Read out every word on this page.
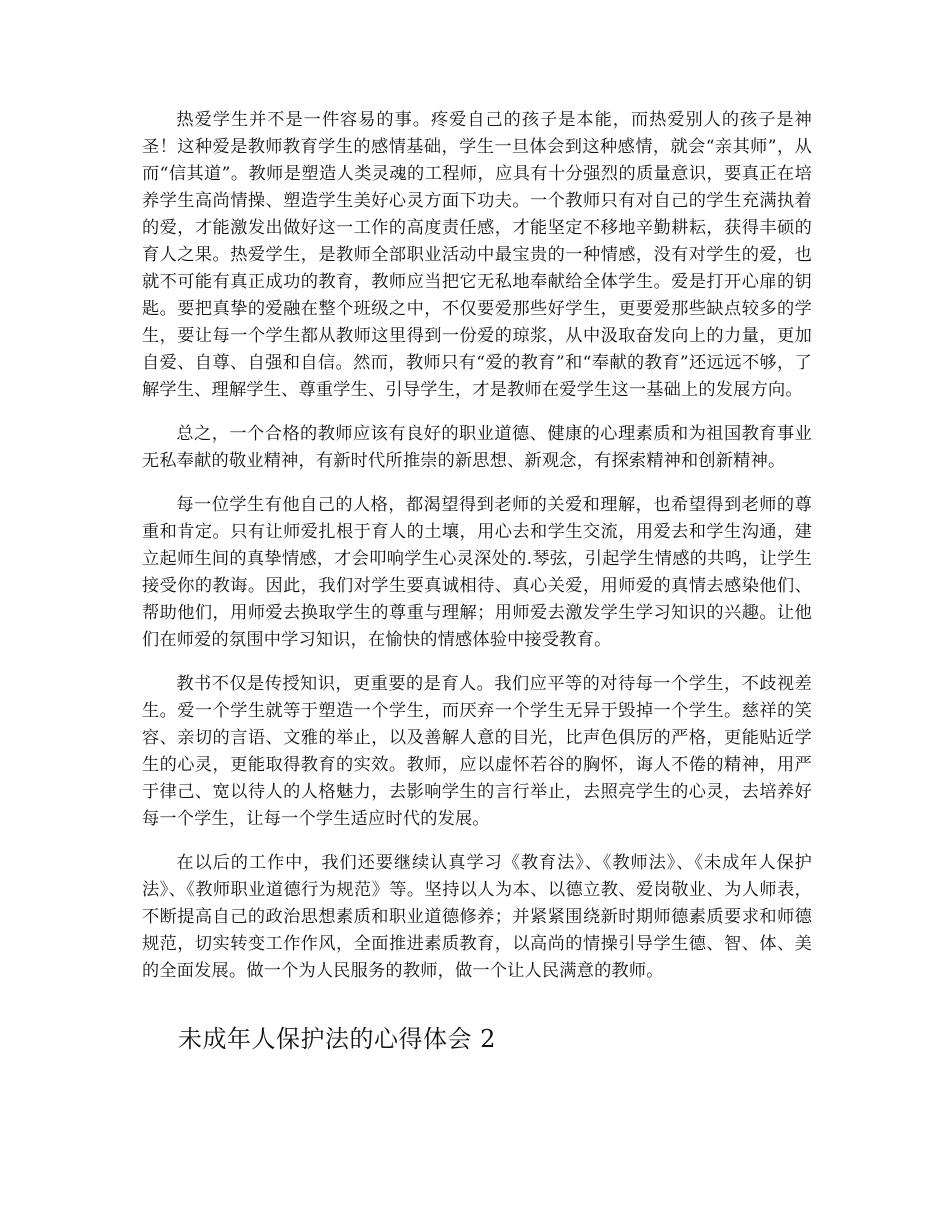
热爱学生并不是一件容易的事。疼爱自己的孩子是本能，而热爱别人的孩子是神圣！这种爱是教师教育学生的感情基础，学生一旦体会到这种感情，就会“亲其师”，从而“信其道”。教师是塑造人类灵魂的工程师，应具有十分强烈的质量意识，要真正在培养学生高尚情操、塑造学生美好心灵方面下功夫。一个教师只有对自己的学生充满执着的爱，才能激发出做好这一工作的高度责任感，才能坚定不移地辛勤耕耘，获得丰硕的育人之果。热爱学生，是教师全部职业活动中最宝贵的一种情感，没有对学生的爱，也就不可能有真正成功的教育，教师应当把它无私地奉献给全体学生。爱是打开心扉的钥匙。要把真挚的爱融在整个班级之中，不仅要爱那些好学生，更要爱那些缺点较多的学生，要让每一个学生都从教师这里得到一份爱的琼浆，从中汲取奋发向上的力量，更加自爱、自尊、自强和自信。然而，教师只有“爱的教育”和“奉献的教育”还远远不够，了解学生、理解学生、尊重学生、引导学生，才是教师在爱学生这一基础上的发展方向。

总之，一个合格的教师应该有良好的职业道德、健康的心理素质和为祖国教育事业无私奉献的敬业精神，有新时代所推崇的新思想、新观念，有探索精神和创新精神。

每一位学生有他自己的人格，都渴望得到老师的关爱和理解，也希望得到老师的尊重和肯定。只有让师爱扎根于育人的土壤，用心去和学生交流，用爱去和学生沟通，建立起师生间的真挚情感，才会叩响学生心灵深处的.琴弦，引起学生情感的共鸣，让学生接受你的教诲。因此，我们对学生要真诚相待、真心关爱，用师爱的真情去感染他们、帮助他们，用师爱去换取学生的尊重与理解；用师爱去激发学生学习知识的兴趣。让他们在师爱的氛围中学习知识，在愉快的情感体验中接受教育。

教书不仅是传授知识，更重要的是育人。我们应平等的对待每一个学生，不歧视差生。爱一个学生就等于塑造一个学生，而厌弃一个学生无异于毁掉一个学生。慈祥的笑容、亲切的言语、文雅的举止，以及善解人意的目光，比声色俱厉的严格，更能贴近学生的心灵，更能取得教育的实效。教师，应以虚怀若谷的胸怀，诲人不倦的精神，用严于律己、宽以待人的人格魅力，去影响学生的言行举止，去照亮学生的心灵，去培养好每一个学生，让每一个学生适应时代的发展。

在以后的工作中，我们还要继续认真学习《教育法》、《教师法》、《未成年人保护法》、《教师职业道德行为规范》等。坚持以人为本、以德立教、爱岗敬业、为人师表，不断提高自己的政治思想素质和职业道德修养；并紧紧围绕新时期师德素质要求和师德规范，切实转变工作作风，全面推进素质教育，以高尚的情操引导学生德、智、体、美的全面发展。做一个为人民服务的教师，做一个让人民满意的教师。

未成年人保护法的心得体会 2
